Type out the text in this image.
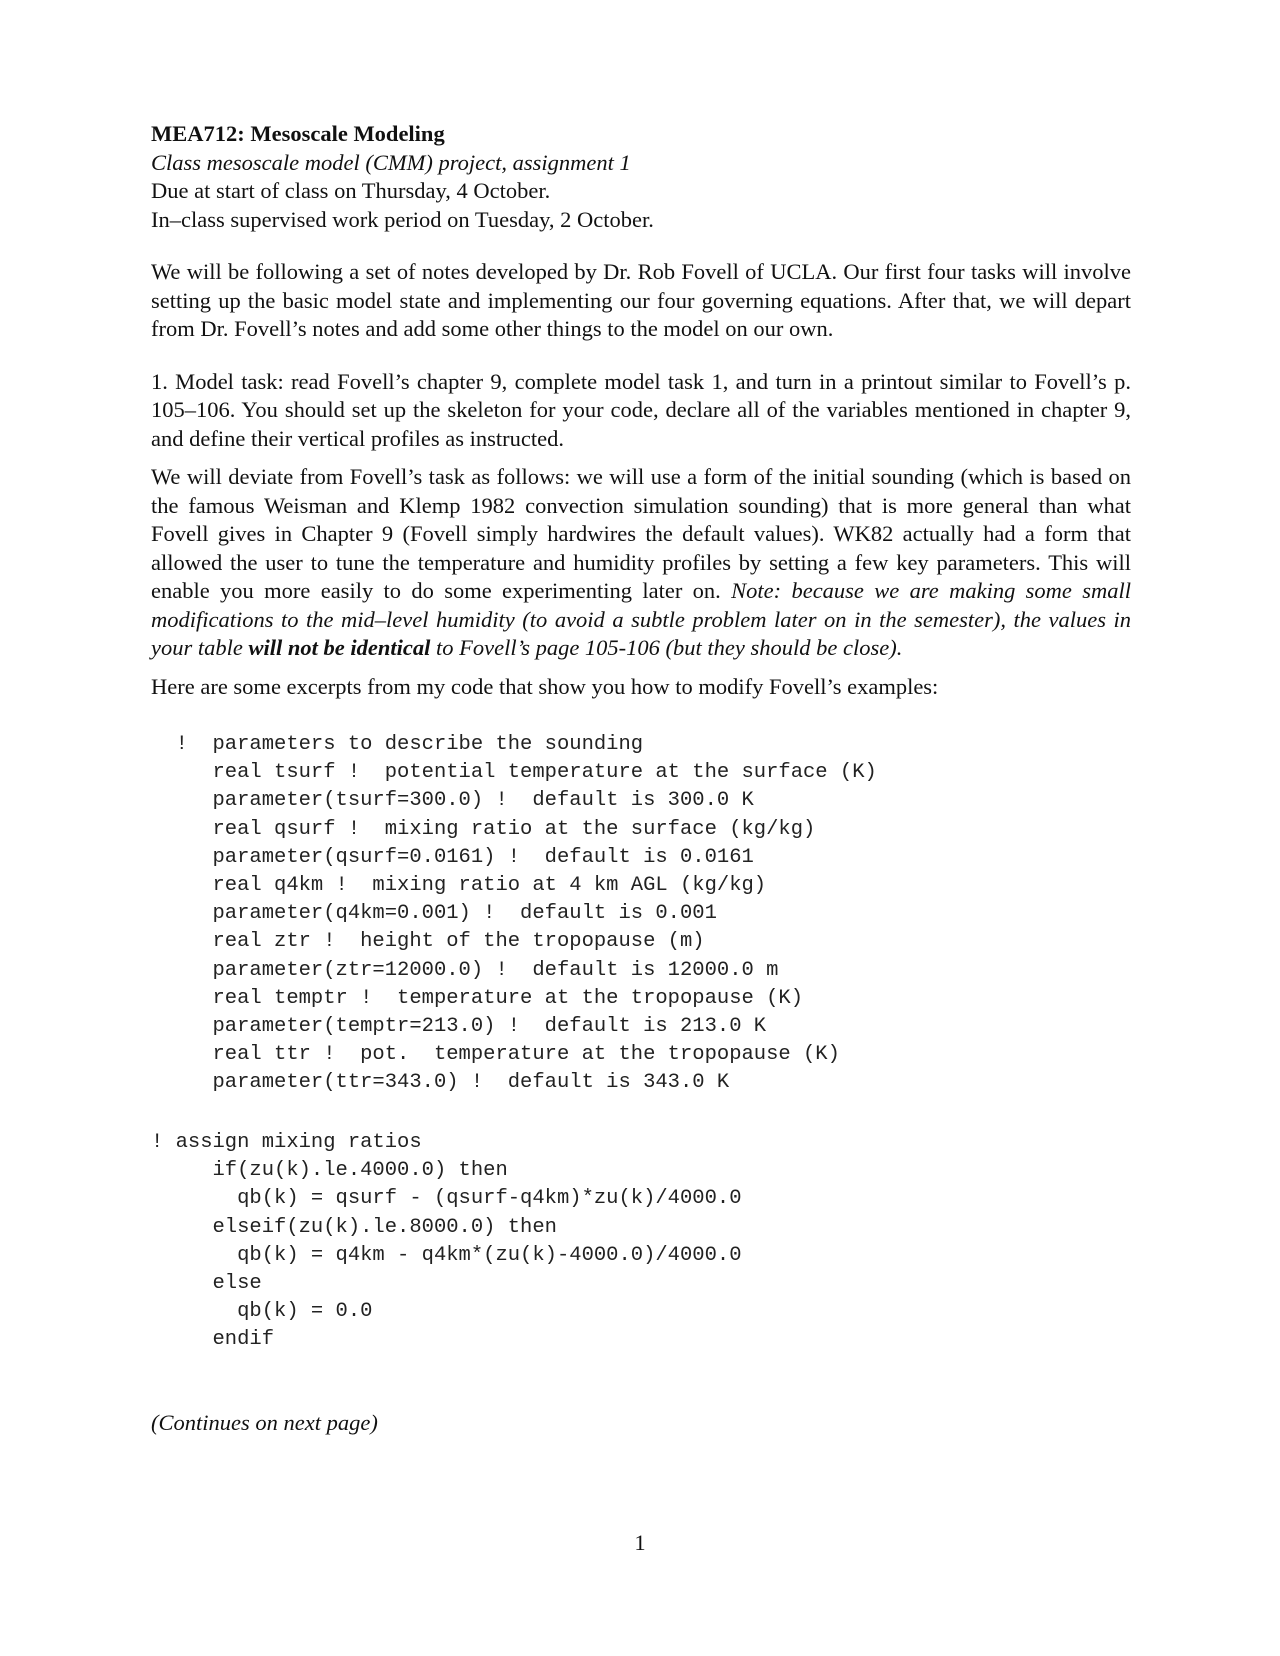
MEA712: Mesoscale Modeling
Class mesoscale model (CMM) project, assignment 1
Due at start of class on Thursday, 4 October.
In–class supervised work period on Tuesday, 2 October.

We will be following a set of notes developed by Dr. Rob Fovell of UCLA. Our first four tasks will involve setting up the basic model state and implementing our four governing equations. After that, we will depart from Dr. Fovell’s notes and add some other things to the model on our own.

1. Model task: read Fovell’s chapter 9, complete model task 1, and turn in a printout similar to Fovell’s p. 105–106. You should set up the skeleton for your code, declare all of the variables mentioned in chapter 9, and define their vertical profiles as instructed.

We will deviate from Fovell’s task as follows: we will use a form of the initial sounding (which is based on the famous Weisman and Klemp 1982 convection simulation sounding) that is more general than what Fovell gives in Chapter 9 (Fovell simply hardwires the default values). WK82 actually had a form that allowed the user to tune the temperature and humidity profiles by setting a few key parameters. This will enable you more easily to do some experimenting later on. Note: because we are making some small modifications to the mid–level humidity (to avoid a subtle problem later on in the semester), the values in your table will not be identical to Fovell’s page 105-106 (but they should be close).

Here are some excerpts from my code that show you how to modify Fovell’s examples:

!  parameters to describe the sounding
real tsurf !  potential temperature at the surface (K)
parameter(tsurf=300.0) !  default is 300.0 K
real qsurf !  mixing ratio at the surface (kg/kg)
parameter(qsurf=0.0161) !  default is 0.0161
real q4km !  mixing ratio at 4 km AGL (kg/kg)
parameter(q4km=0.001) !  default is 0.001
real ztr !  height of the tropopause (m)
parameter(ztr=12000.0) !  default is 12000.0 m
real temptr !  temperature at the tropopause (K)
parameter(temptr=213.0) !  default is 213.0 K
real ttr !  pot.  temperature at the tropopause (K)
parameter(ttr=343.0) !  default is 343.0 K
! assign mixing ratios
if(zu(k).le.4000.0) then
qb(k) = qsurf - (qsurf-q4km)*zu(k)/4000.0
elseif(zu(k).le.8000.0) then
qb(k) = q4km - q4km*(zu(k)-4000.0)/4000.0
else
qb(k) = 0.0
endif
(Continues on next page)
1
